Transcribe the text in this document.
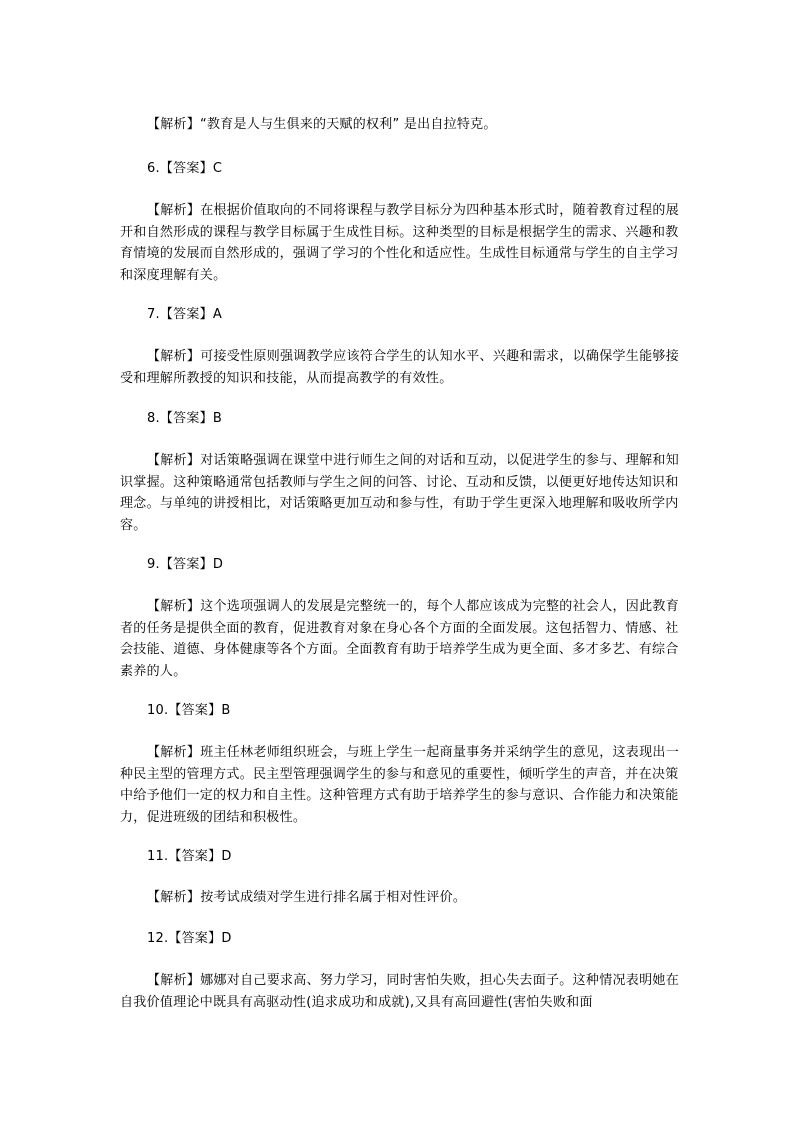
【解析】“教育是人与生俱来的天赋的权利” 是出自拉特克。
6.【答案】C
【解析】在根据价值取向的不同将课程与教学目标分为四种基本形式时，随着教育过程的展开和自然形成的课程与教学目标属于生成性目标。这种类型的目标是根据学生的需求、兴趣和教育情境的发展而自然形成的，强调了学习的个性化和适应性。生成性目标通常与学生的自主学习和深度理解有关。
7.【答案】A
【解析】可接受性原则强调教学应该符合学生的认知水平、兴趣和需求，以确保学生能够接受和理解所教授的知识和技能，从而提高教学的有效性。
8.【答案】B
【解析】对话策略强调在课堂中进行师生之间的对话和互动，以促进学生的参与、理解和知识掌握。这种策略通常包括教师与学生之间的问答、讨论、互动和反馈，以便更好地传达知识和理念。与单纯的讲授相比，对话策略更加互动和参与性，有助于学生更深入地理解和吸收所学内容。
9.【答案】D
【解析】这个选项强调人的发展是完整统一的，每个人都应该成为完整的社会人，因此教育者的任务是提供全面的教育，促进教育对象在身心各个方面的全面发展。这包括智力、情感、社会技能、道德、身体健康等各个方面。全面教育有助于培养学生成为更全面、多才多艺、有综合素养的人。
10.【答案】B
【解析】班主任林老师组织班会，与班上学生一起商量事务并采纳学生的意见，这表现出一种民主型的管理方式。民主型管理强调学生的参与和意见的重要性，倾听学生的声音，并在决策中给予他们一定的权力和自主性。这种管理方式有助于培养学生的参与意识、合作能力和决策能力，促进班级的团结和积极性。
11.【答案】D
【解析】按考试成绩对学生进行排名属于相对性评价。
12.【答案】D
【解析】娜娜对自己要求高、努力学习，同时害怕失败，担心失去面子。这种情况表明她在自我价值理论中既具有高驱动性(追求成功和成就),又具有高回避性(害怕失败和面
